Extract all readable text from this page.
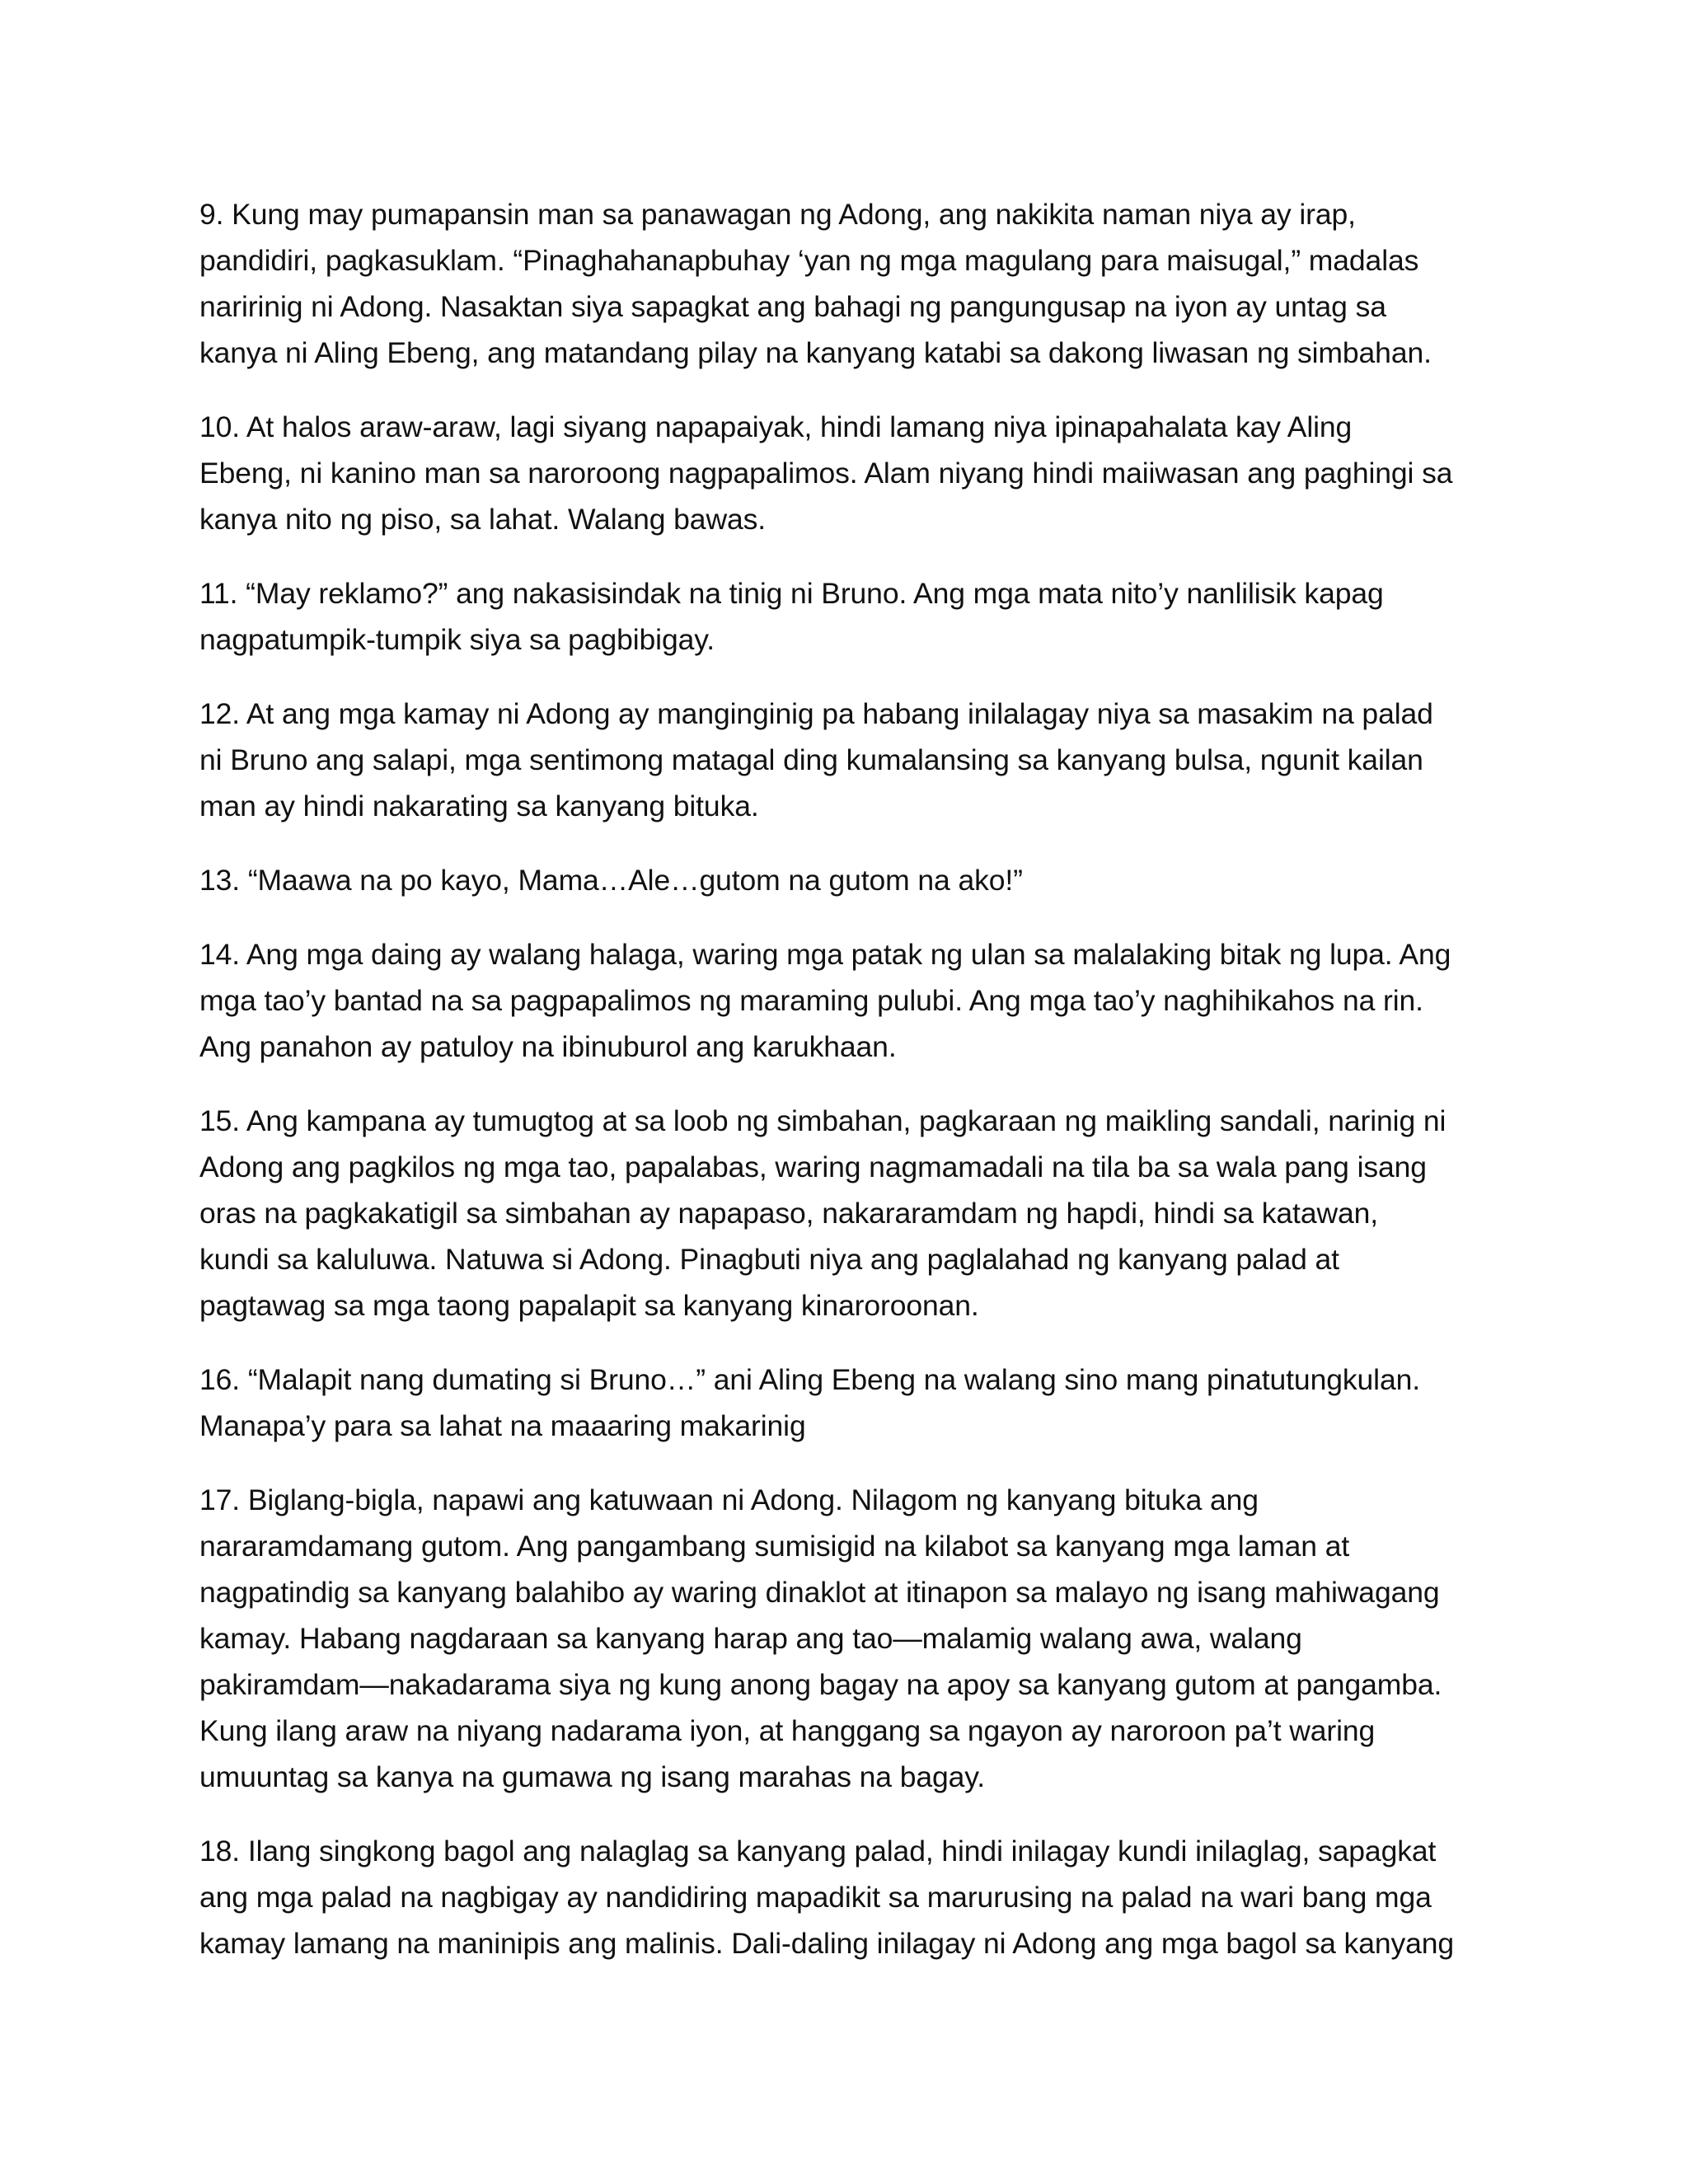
9. Kung may pumapansin man sa panawagan ng Adong, ang nakikita naman niya ay irap,
pandidiri, pagkasuklam. “Pinaghahanapbuhay ‘yan ng mga magulang para maisugal,” madalas
naririnig ni Adong. Nasaktan siya sapagkat ang bahagi ng pangungusap na iyon ay untag sa
kanya ni Aling Ebeng, ang matandang pilay na kanyang katabi sa dakong liwasan ng simbahan.

10. At halos araw-araw, lagi siyang napapaiyak, hindi lamang niya ipinapahalata kay Aling
Ebeng, ni kanino man sa naroroong nagpapalimos. Alam niyang hindi maiiwasan ang paghingi sa
kanya nito ng piso, sa lahat. Walang bawas.

11. “May reklamo?” ang nakasisindak na tinig ni Bruno. Ang mga mata nito’y nanlilisik kapag
nagpatumpik-tumpik siya sa pagbibigay.

12. At ang mga kamay ni Adong ay manginginig pa habang inilalagay niya sa masakim na palad
ni Bruno ang salapi, mga sentimong matagal ding kumalansing sa kanyang bulsa, ngunit kailan
man ay hindi nakarating sa kanyang bituka.

13. “Maawa na po kayo, Mama…Ale…gutom na gutom na ako!”

14. Ang mga daing ay walang halaga, waring mga patak ng ulan sa malalaking bitak ng lupa. Ang
mga tao’y bantad na sa pagpapalimos ng maraming pulubi. Ang mga tao’y naghihikahos na rin.
Ang panahon ay patuloy na ibinuburol ang karukhaan.

15. Ang kampana ay tumugtog at sa loob ng simbahan, pagkaraan ng maikling sandali, narinig ni
Adong ang pagkilos ng mga tao, papalabas, waring nagmamadali na tila ba sa wala pang isang
oras na pagkakatigil sa simbahan ay napapaso, nakararamdam ng hapdi, hindi sa katawan,
kundi sa kaluluwa. Natuwa si Adong. Pinagbuti niya ang paglalahad ng kanyang palad at
pagtawag sa mga taong papalapit sa kanyang kinaroroonan.

16. “Malapit nang dumating si Bruno…” ani Aling Ebeng na walang sino mang pinatutungkulan.
Manapa’y para sa lahat na maaaring makarinig

17. Biglang-bigla, napawi ang katuwaan ni Adong. Nilagom ng kanyang bituka ang
nararamdamang gutom. Ang pangambang sumisigid na kilabot sa kanyang mga laman at
nagpatindig sa kanyang balahibo ay waring dinaklot at itinapon sa malayo ng isang mahiwagang
kamay. Habang nagdaraan sa kanyang harap ang tao—malamig walang awa, walang
pakiramdam—nakadarama siya ng kung anong bagay na apoy sa kanyang gutom at pangamba.
Kung ilang araw na niyang nadarama iyon, at hanggang sa ngayon ay naroroon pa’t waring
umuuntag sa kanya na gumawa ng isang marahas na bagay.

18. Ilang singkong bagol ang nalaglag sa kanyang palad, hindi inilagay kundi inilaglag, sapagkat
ang mga palad na nagbigay ay nandidiring mapadikit sa marurusing na palad na wari bang mga
kamay lamang na maninipis ang malinis. Dali-daling inilagay ni Adong ang mga bagol sa kanyang
